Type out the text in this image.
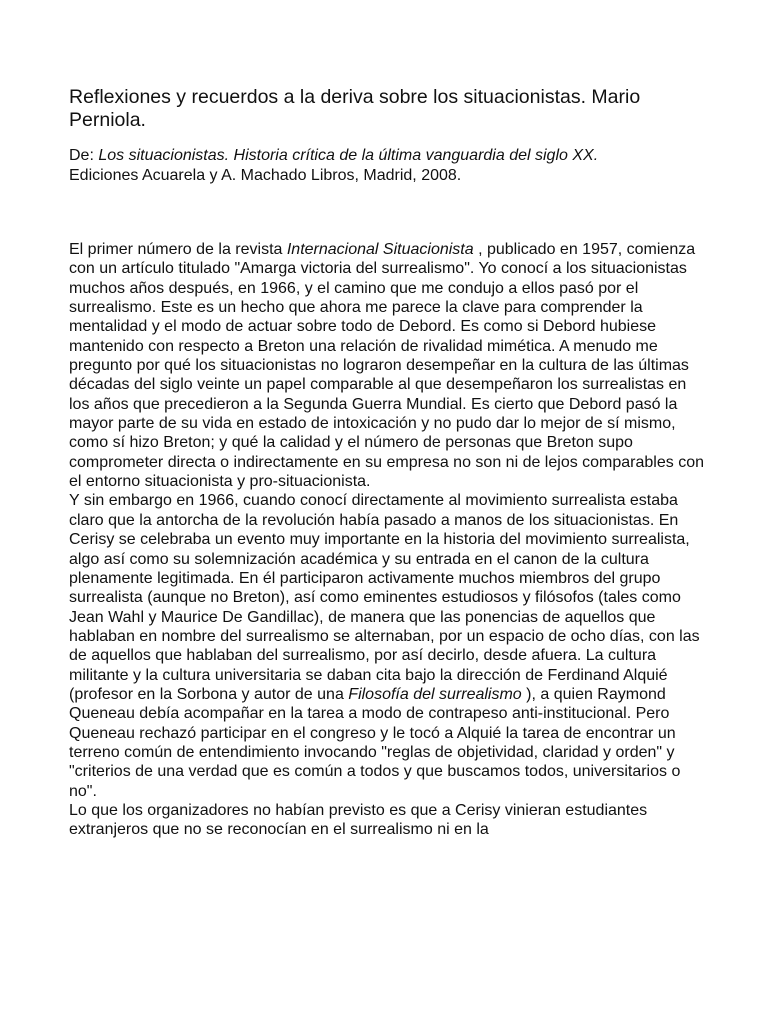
Reflexiones y recuerdos a la deriva sobre los situacionistas. Mario Perniola.

De: Los situacionistas. Historia crítica de la última vanguardia del siglo XX.
Ediciones Acuarela y A. Machado Libros, Madrid, 2008.

El primer número de la revista Internacional Situacionista , publicado en 1957, comienza con un artículo titulado "Amarga victoria del surrealismo". Yo conocí a los situacionistas muchos años después, en 1966, y el camino que me condujo a ellos pasó por el surrealismo. Este es un hecho que ahora me parece la clave para comprender la mentalidad y el modo de actuar sobre todo de Debord. Es como si Debord hubiese mantenido con respecto a Breton una relación de rivalidad mimética. A menudo me pregunto por qué los situacionistas no lograron desempeñar en la cultura de las últimas décadas del siglo veinte un papel comparable al que desempeñaron los surrealistas en los años que precedieron a la Segunda Guerra Mundial. Es cierto que Debord pasó la mayor parte de su vida en estado de intoxicación y no pudo dar lo mejor de sí mismo, como sí hizo Breton; y qué la calidad y el número de personas que Breton supo comprometer directa o indirectamente en su empresa no son ni de lejos comparables con el entorno situacionista y pro-situacionista.

Y sin embargo en 1966, cuando conocí directamente al movimiento surrealista estaba claro que la antorcha de la revolución había pasado a manos de los situacionistas. En Cerisy se celebraba un evento muy importante en la historia del movimiento surrealista, algo así como su solemnización académica y su entrada en el canon de la cultura plenamente legitimada. En él participaron activamente muchos miembros del grupo surrealista (aunque no Breton), así como eminentes estudiosos y filósofos (tales como Jean Wahl y Maurice De Gandillac), de manera que las ponencias de aquellos que hablaban en nombre del surrealismo se alternaban, por un espacio de ocho días, con las de aquellos que hablaban del surrealismo, por así decirlo, desde afuera. La cultura militante y la cultura universitaria se daban cita bajo la dirección de Ferdinand Alquié (profesor en la Sorbona y autor de una Filosofía del surrealismo ), a quien Raymond Queneau debía acompañar en la tarea a modo de contrapeso anti-institucional. Pero Queneau rechazó participar en el congreso y le tocó a Alquié la tarea de encontrar un terreno común de entendimiento invocando "reglas de objetividad, claridad y orden" y "criterios de una verdad que es común a todos y que buscamos todos, universitarios o no".

Lo que los organizadores no habían previsto es que a Cerisy vinieran estudiantes extranjeros que no se reconocían en el surrealismo ni en la
